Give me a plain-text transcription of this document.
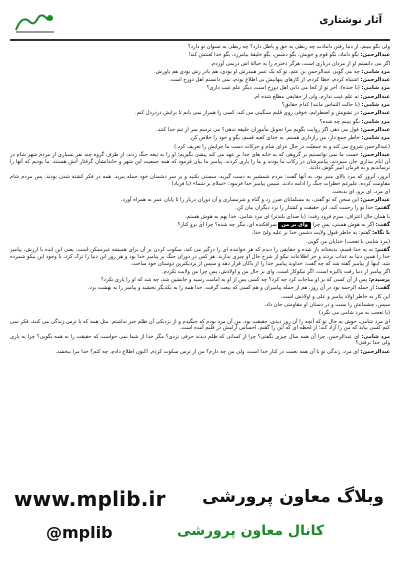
آثار نوشتاری

ولی بگو ببینم، از دنیا رفتن دامادت چه ربطی به حق و باطل دارد؟ چه ربطی به تسوان تو دارد؟

عبدالرحمن: نگو داماد، نگو قوم و خویش، بگو دشمن، بگو خلیفهٔ بیامرزد، بگو خدا لعنتش کند!

اگر می دانستم او از مردان درباری است، هرگز دخترم را به حبالهٔ اش درنمی آوردم.

مرد شامی: چه می گویی عبدالرحمن بن عثم، تو که یک عمر همدرش او بودی، هم بادر زش بودی هم یاورش.

عبدالرحمن: اشتباه کردم، خطا کردم، از کارهای پنهانیش بی اطلاع بودم، نمی دانستم اهل دوزخ است.

مرد شامی: (با خنده): آخر تو از کجا می دانی اهل دوزخ است، دیگر علم غیب داری؟

عبدالرحمن: نه علم غیب ندارم، ولی از حقایقی مطلع شده ام.

مرد شامی: (با حالت التماس مانند) کدام حقایق؟

عبدالرحمن: در تشویش و اضطرابم، خوفی روی قلبم سنگینی می کند، کسی را همراز نمی یابم تا برایش دردردل کنم.

مرد شامی: بگو ببینم چه شده؟

عبدالرحمن: قول می دهی اگر روایت بگویم مرا تحویل مأموران خلیفه ندهی؟ می ترسم سر از تنم جدا کنند.

مرد شامی: خاطر جمع دار، من رازداری هستم. به خدای کعبه قسم، بگو و خود را خلاص کن.

(عبدالرحمن شروع می کند و به جمعیّت در حال عزای شام و حرکات دست ما جرایش را تعریف کرد.)

عبدالرحمن: حسب ما نمی توانستیم بر گروهی که به خانه های خدا بر عهد می کند پیشی بگیریم؛ او را به تیغه جنگ زدند، از طرف گروه چند نفر بسیاری از مردم شهر شام در آن ایام بیداری جان سپردند، پیامبرشان در رکاب ما بودند و ما را یاری کردند. پیامبر ما بیان فرمود که همه جمعیت این شهر و خاندانشان گرفتار آتش هستند. ما بودیم که آنها را ترساندیم و به فرمان امیر گوش دادند.

آنروز، آنروز که مرد بالای منبر بود، به آنها گفت: مردم شمشیر به دست گیرید، سستی نکنید و بر سر دشمنان خود حمله ببرید. همه در فکر کشته شدن بودند. پس مردم شام مقاومت کرده، علیرغم خطرات جنگ را ادامه دادند. سپس پیامبر خدا فرمود: «سلام بر شما» (با فریاد)

ای مرد، ای برو، ای بدبخت.

عبدالرحمن: این سخن که تو گفتی، به مسلمانان ضرر زد و گناه و شرمساری و آن دوران دربار را تا پایان عمر به همراه آورد.

گفتم: خدا تو را رحمت کند، این حقیقت و کشتار را نزد دیگران بیان کن.

با همان حال اعتراف، سرم فرود رفت: (با صدای بلندتر) ای مرد شامی، خدا بهم به هوش هستم.

گفت: اگر به هوش هستی، پس چرا وای بر من سرافکنده ای، مگر چه شده؟ چرا ای برو کنار؟

با نگاه: گفتم: به خاطر قبول ولایت دشمن خدا بر علیه ولیّ خدا.

(مرد شامی با تعجب) خدایان من گویی.

گفتم: نه به خدا قسم، بدبختانه باز شده و حقایقی را دیدم که هر خواننده ای را درگیر می کند، سکوت کردن بر آن برای همیشه غیرممکن است، یعنی این ایده با ارزش، پیامبر خدا را همین دنیا به عذاب بردند و جز اطلاعات نیکو از شرح حال او چیزی ندارند. هر کس در دوران جنگ بر پیامبر خدا بود و هر روز این دنیا را ترک کرد، با وجود این نیکو شمرده شد. اینها از پیامبر گفته شد که چه گفت: خداوند پیامبر خدا را از پاکان قرار دهد و سپس از نزدیکترین دوستان خود ساخت.

اگر پیامبر از دنیا رفت پاکیزه است، اگر نیکوکار است، وای بر حال من و اولادش، پس چرا من ولایت نکردم.

پرسیدم: پس از آن کسی که بر او مناجات کرد چه کرد؟ چه کسی پس از او به امامت رسید و جانشین شد، چه شد که او را یاری نکرد؟

گفت: از جمله الرحمه بود در آن روز، هم از جمله پیامبران و هم کسی که بیعت گرفت. خدا همه را به یکدیگر بخشید و پیامبر را به بهشت برد.

این کار به خاطر اولاد پیامبر و علی و اولادش است.

سپس، چشمانش را بست و در دستان او مقاومتی جان داد.

(با تعجب به مرد شامی می نگرد)

ای مرد شامی، خوش به حال تو که آنچه را آن روز دیدی، حقیقت بود. من آن مرد بودم که جنگیدم و از نزدیکی آن ظلم خبر نداشتم. مثل همه که با ترس زندگی می کنند، فکر نمی کنم کسی بیاید که من را آزاد کند؛ از لحظه ای که این را گفتم، احساس آرامش در قلبم آمده است.

مرد شامی: ای عبدالرحمن، چرا آن همه سال چیزی نگفتی؟ چرا از کسانی که ظلم دیدند حرفی نزدی؟ مگر خدا از شما نمی خواست که حقیقت را به همه بگویی؟ چرا به یاری ولی خدا نرفتی؟

عبدالرحمن: ای مرد، زندگی تو با آن همه نعمت در کنار خدا است، ولی من چه دارم؟ من از ترس سکوت کردم. اکنون اطلاع دادم، چه کنم؟ خدا مرا ببخشد.

www.mplib.ir وبلاگ معاون پرورشی
@mplib	کانال معاون پرورشی
